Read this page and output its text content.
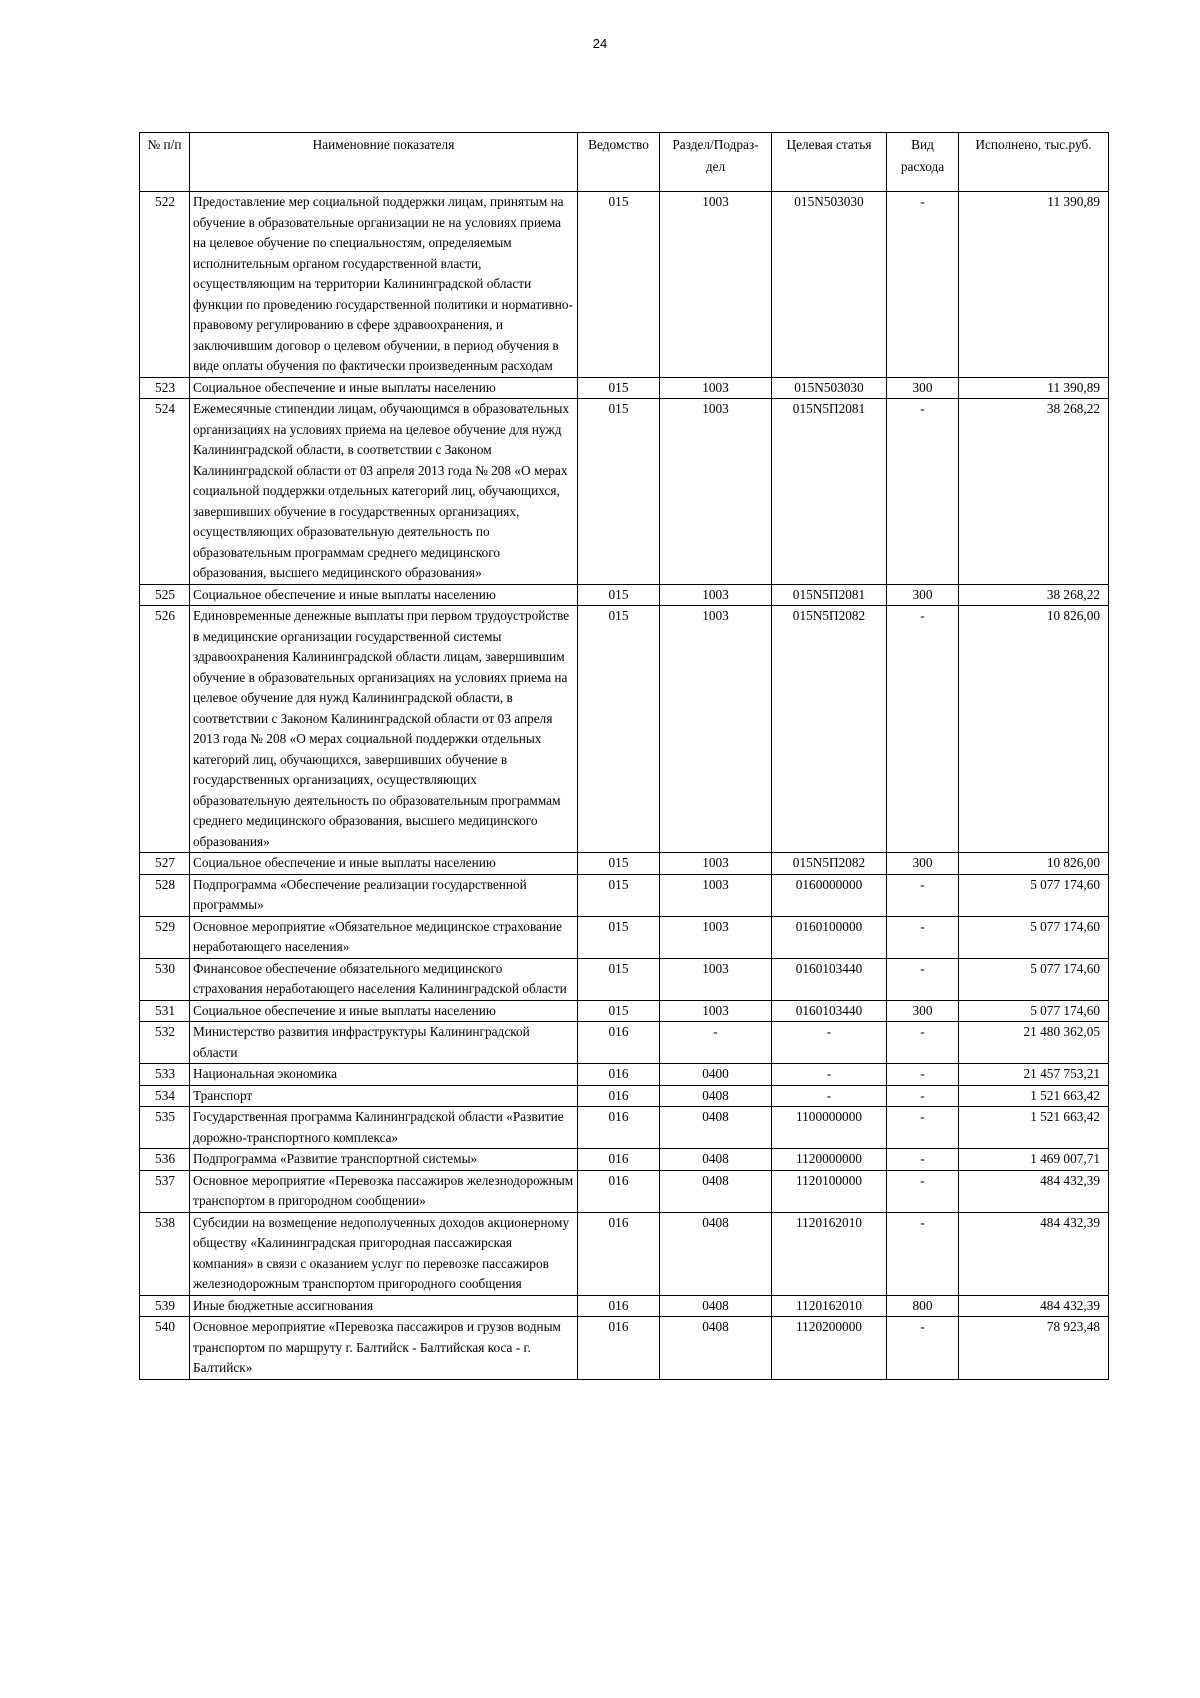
24
№ п/п	Наименовние показателя	Ведомство	Раздел/Подраз-дел	Целевая статья	Вид расхода	Исполнено, тыс.руб.
522	Предоставление мер социальной поддержки лицам, принятым на обучение в образовательные организации не на условиях приема на целевое обучение по специальностям, определяемым исполнительным органом государственной власти, осуществляющим на территории Калининградской области функции по проведению государственной политики и нормативно-правовому регулированию в сфере здравоохранения, и заключившим договор о целевом обучении, в период обучения в виде оплаты обучения по фактически произведенным расходам	015	1003	015N503030	-	11 390,89
523	Социальное обеспечение и иные выплаты населению	015	1003	015N503030	300	11 390,89
524	Ежемесячные стипендии лицам, обучающимся в образовательных организациях на условиях приема на целевое обучение для нужд Калининградской области, в соответствии с Законом Калининградской области от 03 апреля 2013 года № 208 «О мерах социальной поддержки отдельных категорий лиц, обучающихся, завершивших обучение в государственных организациях, осуществляющих образовательную деятельность по образовательным программам среднего медицинского образования, высшего медицинского образования»	015	1003	015N5П2081	-	38 268,22
525	Социальное обеспечение и иные выплаты населению	015	1003	015N5П2081	300	38 268,22
526	Единовременные денежные выплаты при первом трудоустройстве в медицинские организации государственной системы здравоохранения Калининградской области лицам, завершившим обучение в образовательных организациях на условиях приема на целевое обучение для нужд Калининградской области, в соответствии с Законом Калининградской области от 03 апреля 2013 года № 208 «О мерах социальной поддержки отдельных категорий лиц, обучающихся, завершивших обучение в государственных организациях, осуществляющих образовательную деятельность по образовательным программам среднего медицинского образования, высшего медицинского образования»	015	1003	015N5П2082	-	10 826,00
527	Социальное обеспечение и иные выплаты населению	015	1003	015N5П2082	300	10 826,00
528	Подпрограмма «Обеспечение реализации государственной программы»	015	1003	0160000000	-	5 077 174,60
529	Основное мероприятие «Обязательное медицинское страхование неработающего населения»	015	1003	0160100000	-	5 077 174,60
530	Финансовое обеспечение обязательного медицинского страхования неработающего населения Калининградской области	015	1003	0160103440	-	5 077 174,60
531	Социальное обеспечение и иные выплаты населению	015	1003	0160103440	300	5 077 174,60
532	Министерство развития инфраструктуры Калининградской области	016	-	-	-	21 480 362,05
533	Национальная экономика	016	0400	-	-	21 457 753,21
534	Транспорт	016	0408	-	-	1 521 663,42
535	Государственная программа Калининградской области «Развитие дорожно-транспортного комплекса»	016	0408	1100000000	-	1 521 663,42
536	Подпрограмма «Развитие транспортной системы»	016	0408	1120000000	-	1 469 007,71
537	Основное мероприятие «Перевозка пассажиров железнодорожным транспортом в пригородном сообщении»	016	0408	1120100000	-	484 432,39
538	Субсидии на возмещение недополученных доходов акционерному обществу «Калининградская пригородная пассажирская компания» в связи с оказанием услуг по перевозке пассажиров железнодорожным транспортом пригородного сообщения	016	0408	1120162010	-	484 432,39
539	Иные бюджетные ассигнования	016	0408	1120162010	800	484 432,39
540	Основное мероприятие «Перевозка пассажиров и грузов водным транспортом по маршруту г. Балтийск - Балтийская коса - г. Балтийск»	016	0408	1120200000	-	78 923,48
